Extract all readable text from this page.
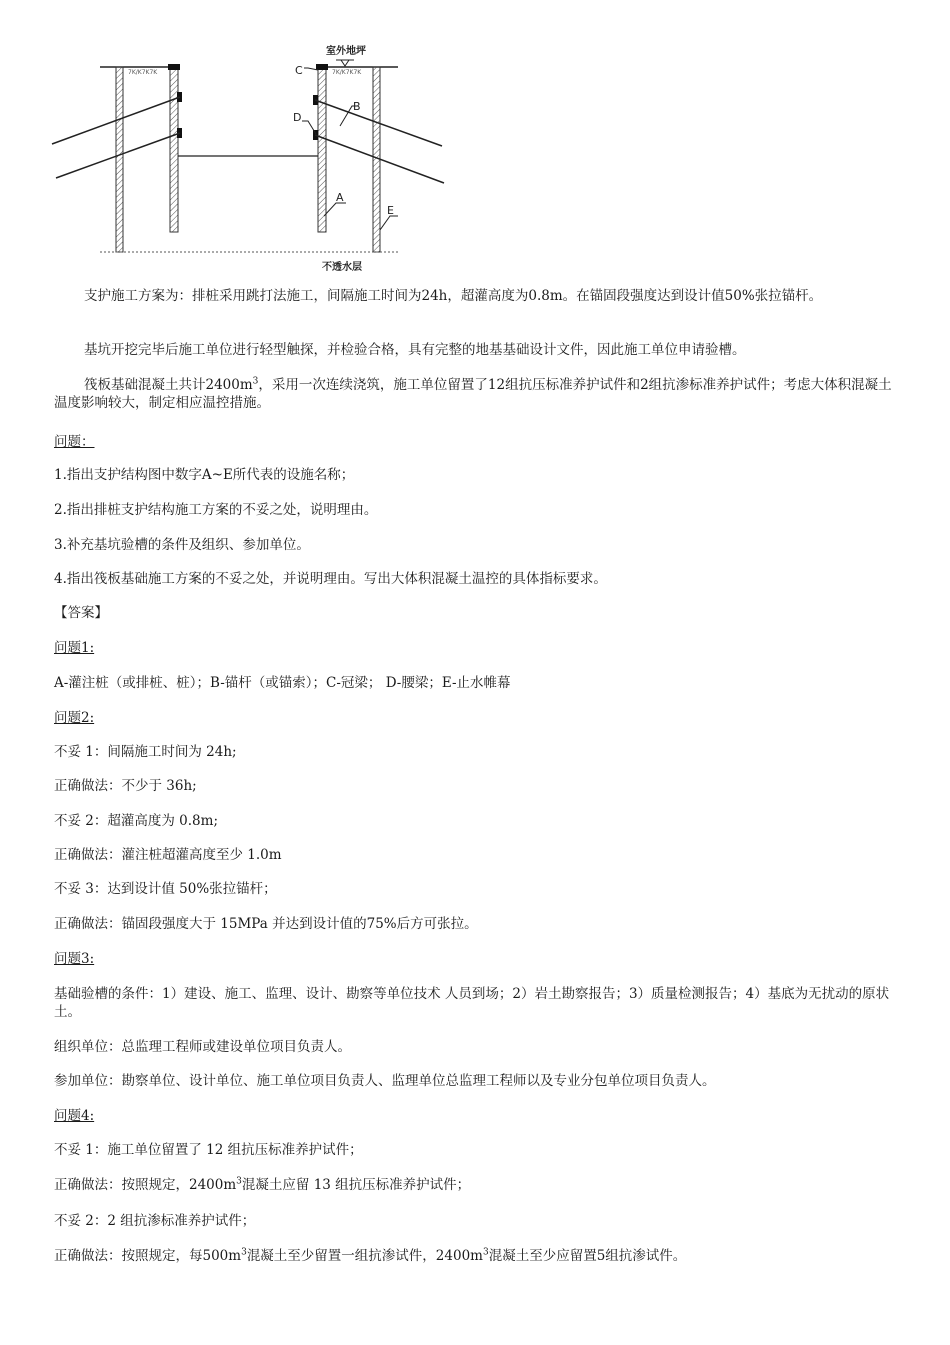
7K/K7K7K	7K/K7K7K
室外地坪
不透水层
C
B
D
A
E

支护施工方案为：排桩采用跳打法施工，间隔施工时间为24h，超灌高度为0.8m。在锚固段强度达到设计值50%张拉锚杆。

基坑开挖完毕后施工单位进行轻型触探，并检验合格，具有完整的地基基础设计文件，因此施工单位申请验槽。

筏板基础混凝土共计$2400m^3$，采用一次连续浇筑，施工单位留置了12组抗压标准养护试件和2组抗渗标准养护试件；考虑大体积混凝土温度影响较大，制定相应温控措施。

问题：

1.指出支护结构图中数字A~E所代表的设施名称；

2.指出排桩支护结构施工方案的不妥之处，说明理由。

3.补充基坑验槽的条件及组织、参加单位。

4.指出筏板基础施工方案的不妥之处，并说明理由。写出大体积混凝土温控的具体指标要求。

【答案】

问题1:

A-灌注桩（或排桩、桩）；B-锚杆（或锚索）；C-冠梁； D-腰梁；E-止水帷幕

问题2:

不妥 1：间隔施工时间为 24h;

正确做法：不少于 36h;

不妥 2：超灌高度为 0.8m;

正确做法：灌注桩超灌高度至少 1.0m

不妥 3：达到设计值 50%张拉锚杆；

正确做法：锚固段强度大于 15MPa 并达到设计值的75%后方可张拉。

问题3:

基础验槽的条件：1）建设、施工、监理、设计、勘察等单位技术 人员到场；2）岩土勘察报告；3）质量检测报告；4）基底为无扰动的原状土。

组织单位：总监理工程师或建设单位项目负责人。

参加单位：勘察单位、设计单位、施工单位项目负责人、监理单位总监理工程师以及专业分包单位项目负责人。

问题4:

不妥 1：施工单位留置了 12 组抗压标准养护试件；

正确做法：按照规定，$2400m^3$混凝土应留 13 组抗压标准养护试件；

不妥 2：2 组抗渗标准养护试件；

正确做法：按照规定，每$500m^3$混凝土至少留置一组抗渗试件，$2400m^3$混凝土至少应留置5组抗渗试件。
